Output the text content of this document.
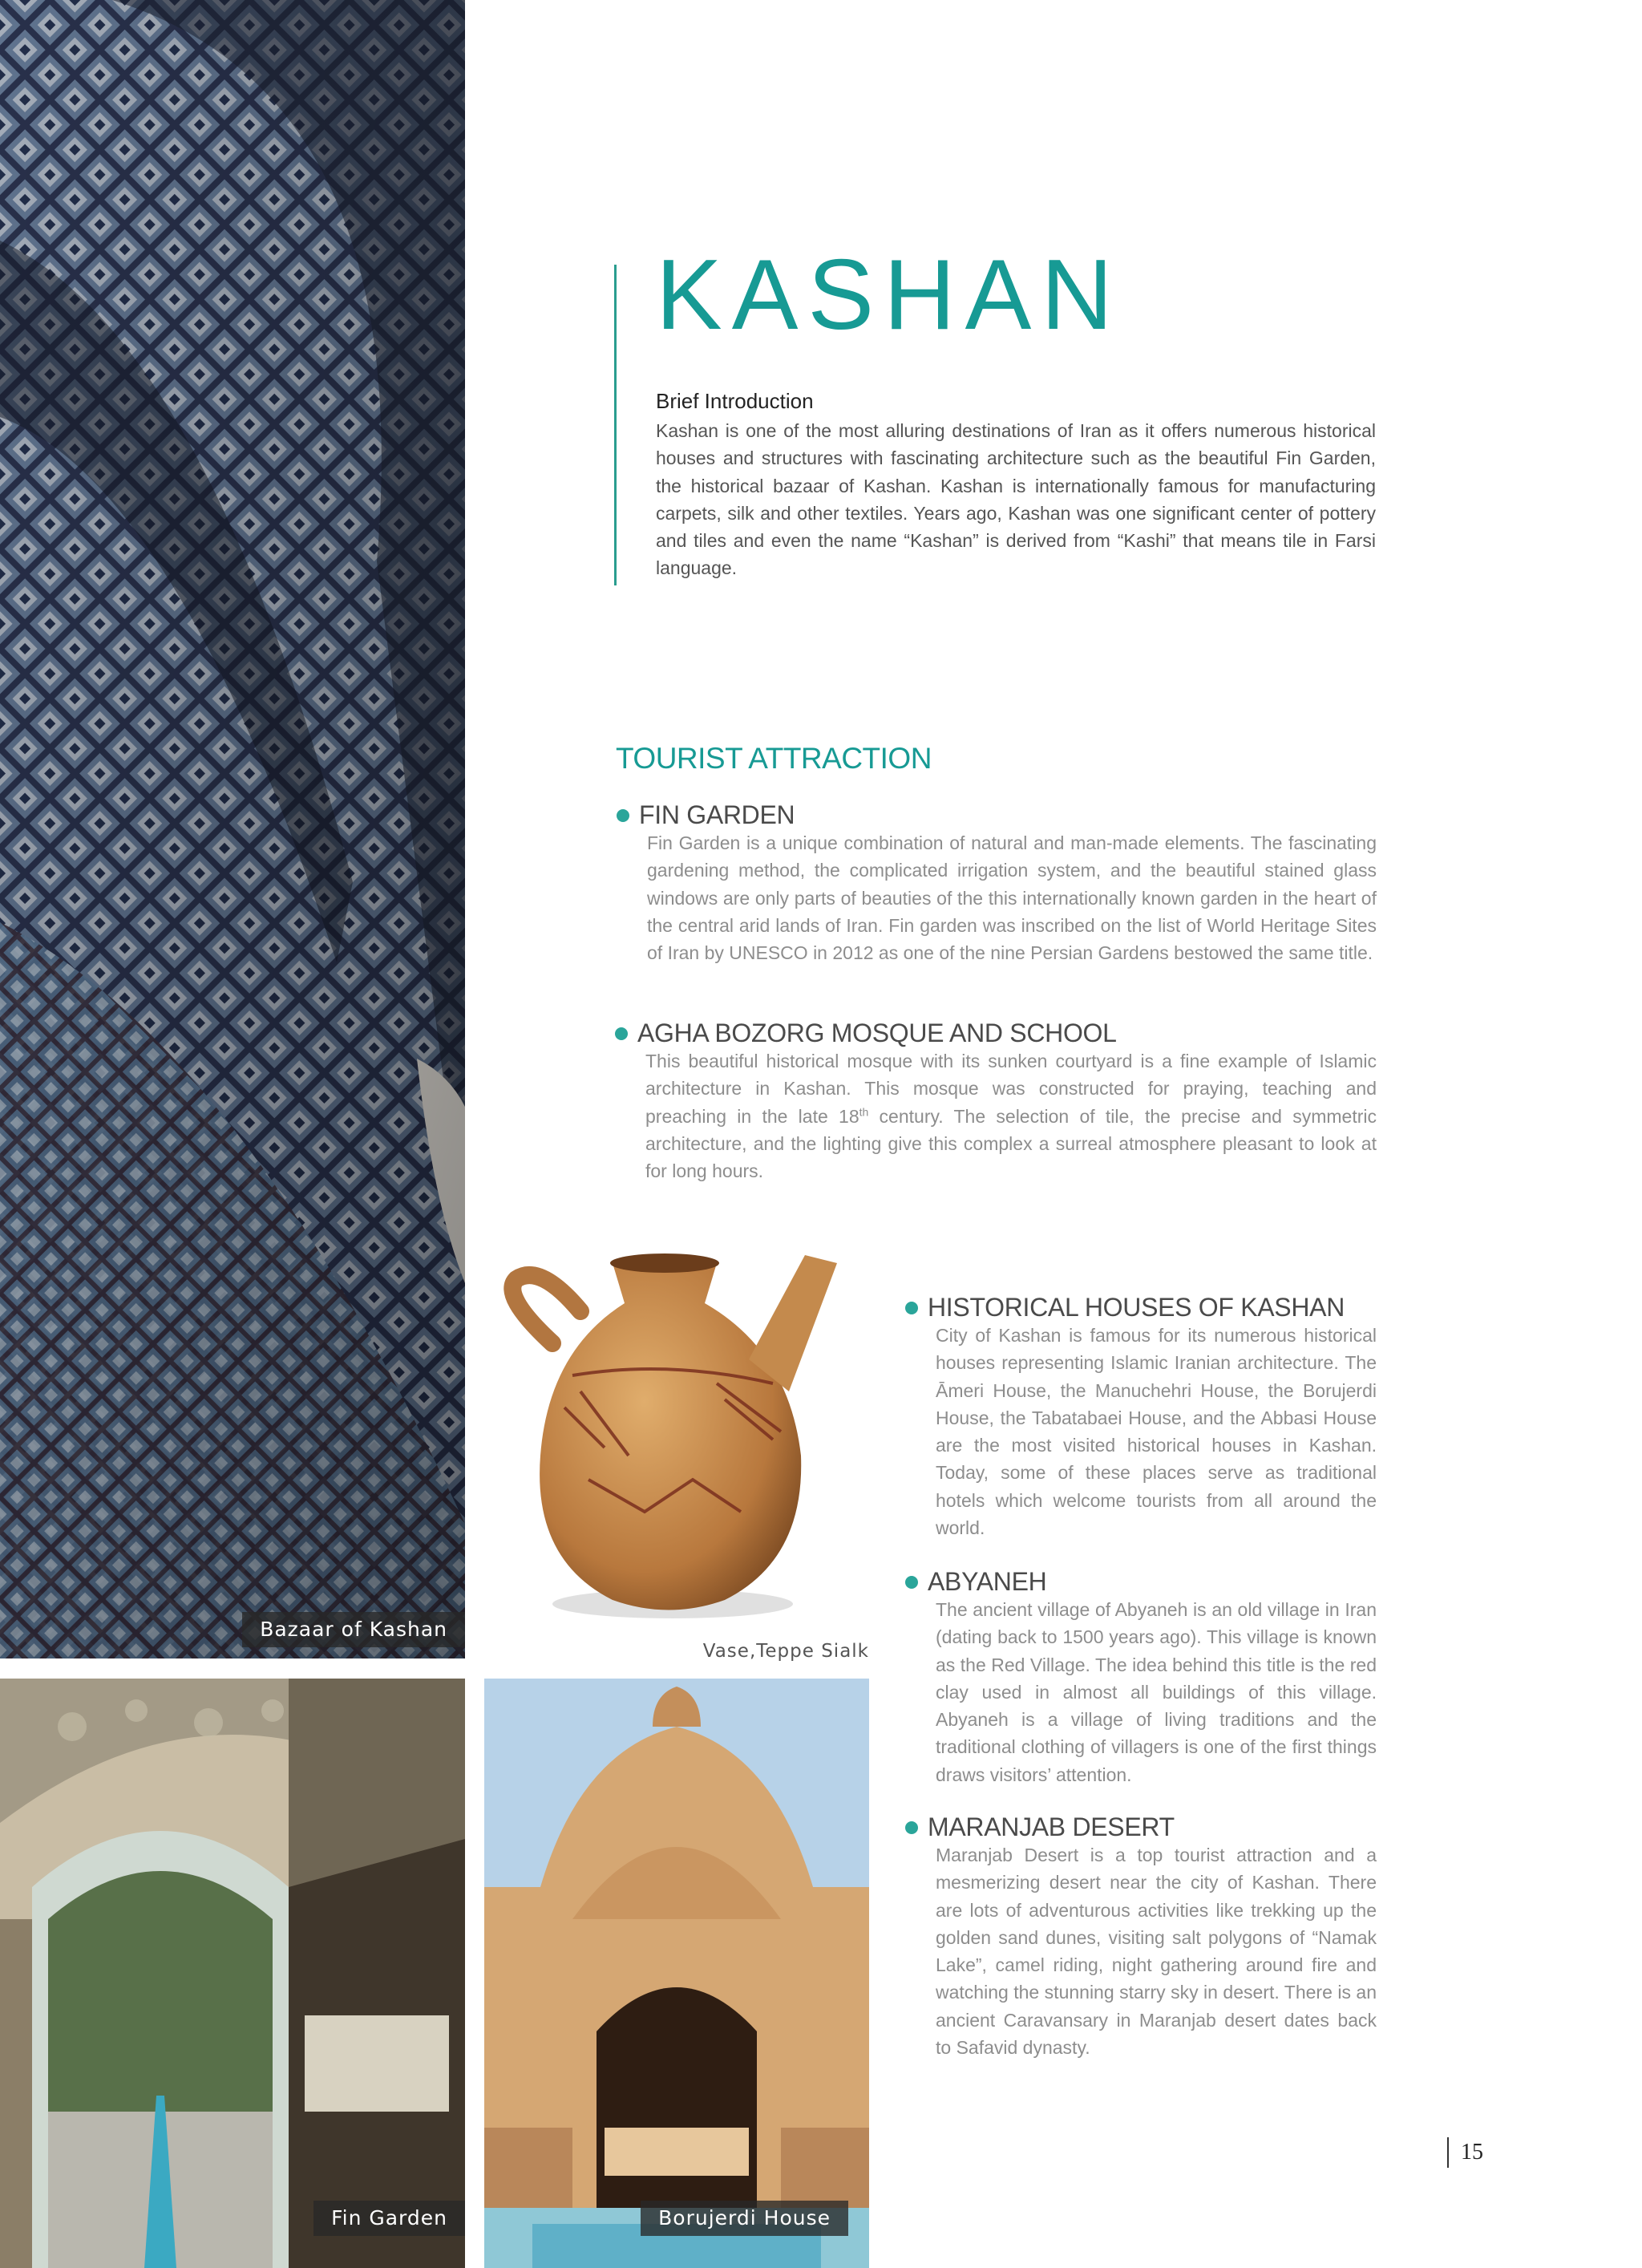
Bazaar of Kashan
Vase,Teppe Sialk
Fin Garden	Borujerdi House
KASHAN
Brief Introduction
Kashan is one of the most alluring destinations of Iran as it offers numerous historical houses and structures with fascinating architecture such as the beautiful Fin Garden, the historical bazaar of Kashan. Kashan is internationally famous for manufacturing carpets, silk and other textiles. Years ago, Kashan was one significant center of pottery and tiles and even the name “Kashan” is derived from “Kashi” that means tile in Farsi language.
TOURIST ATTRACTION
FIN GARDEN
Fin Garden is a unique combination of natural and man-made elements. The fascinating gardening method, the complicated irrigation system, and the beautiful stained glass windows are only parts of beauties of the this internationally known garden in the heart of the central arid lands of Iran. Fin garden was inscribed on the list of World Heritage Sites of Iran by UNESCO in 2012 as one of the nine Persian Gardens bestowed the same title.
AGHA BOZORG MOSQUE AND SCHOOL
This beautiful historical mosque with its sunken courtyard is a fine example of Islamic architecture in Kashan. This mosque was constructed for praying, teaching and preaching in the late 18th century. The selection of tile, the precise and symmetric architecture, and the lighting give this complex a surreal atmosphere pleasant to look at for long hours.
HISTORICAL HOUSES OF KASHAN
City of Kashan is famous for its numerous historical houses representing Islamic Iranian architecture. The Āmeri House, the Manuchehri House, the Borujerdi House, the Tabatabaei House, and the Abbasi House are the most visited historical houses in Kashan. Today, some of these places serve as traditional hotels which welcome tourists from all around the world.
ABYANEH
The ancient village of Abyaneh is an old village in Iran (dating back to 1500 years ago). This village is known as the Red Village. The idea behind this title is the red clay used in almost all buildings of this village. Abyaneh is a village of living traditions and the traditional clothing of villagers is one of the first things draws visitors’ attention.
MARANJAB DESERT
Maranjab Desert is a top tourist attraction and a mesmerizing desert near the city of Kashan. There are lots of adventurous activities like trekking up the golden sand dunes, visiting salt polygons of “Namak Lake”, camel riding, night gathering around fire and watching the stunning starry sky in desert. There is an ancient Caravansary in Maranjab desert dates back to Safavid dynasty.
15
